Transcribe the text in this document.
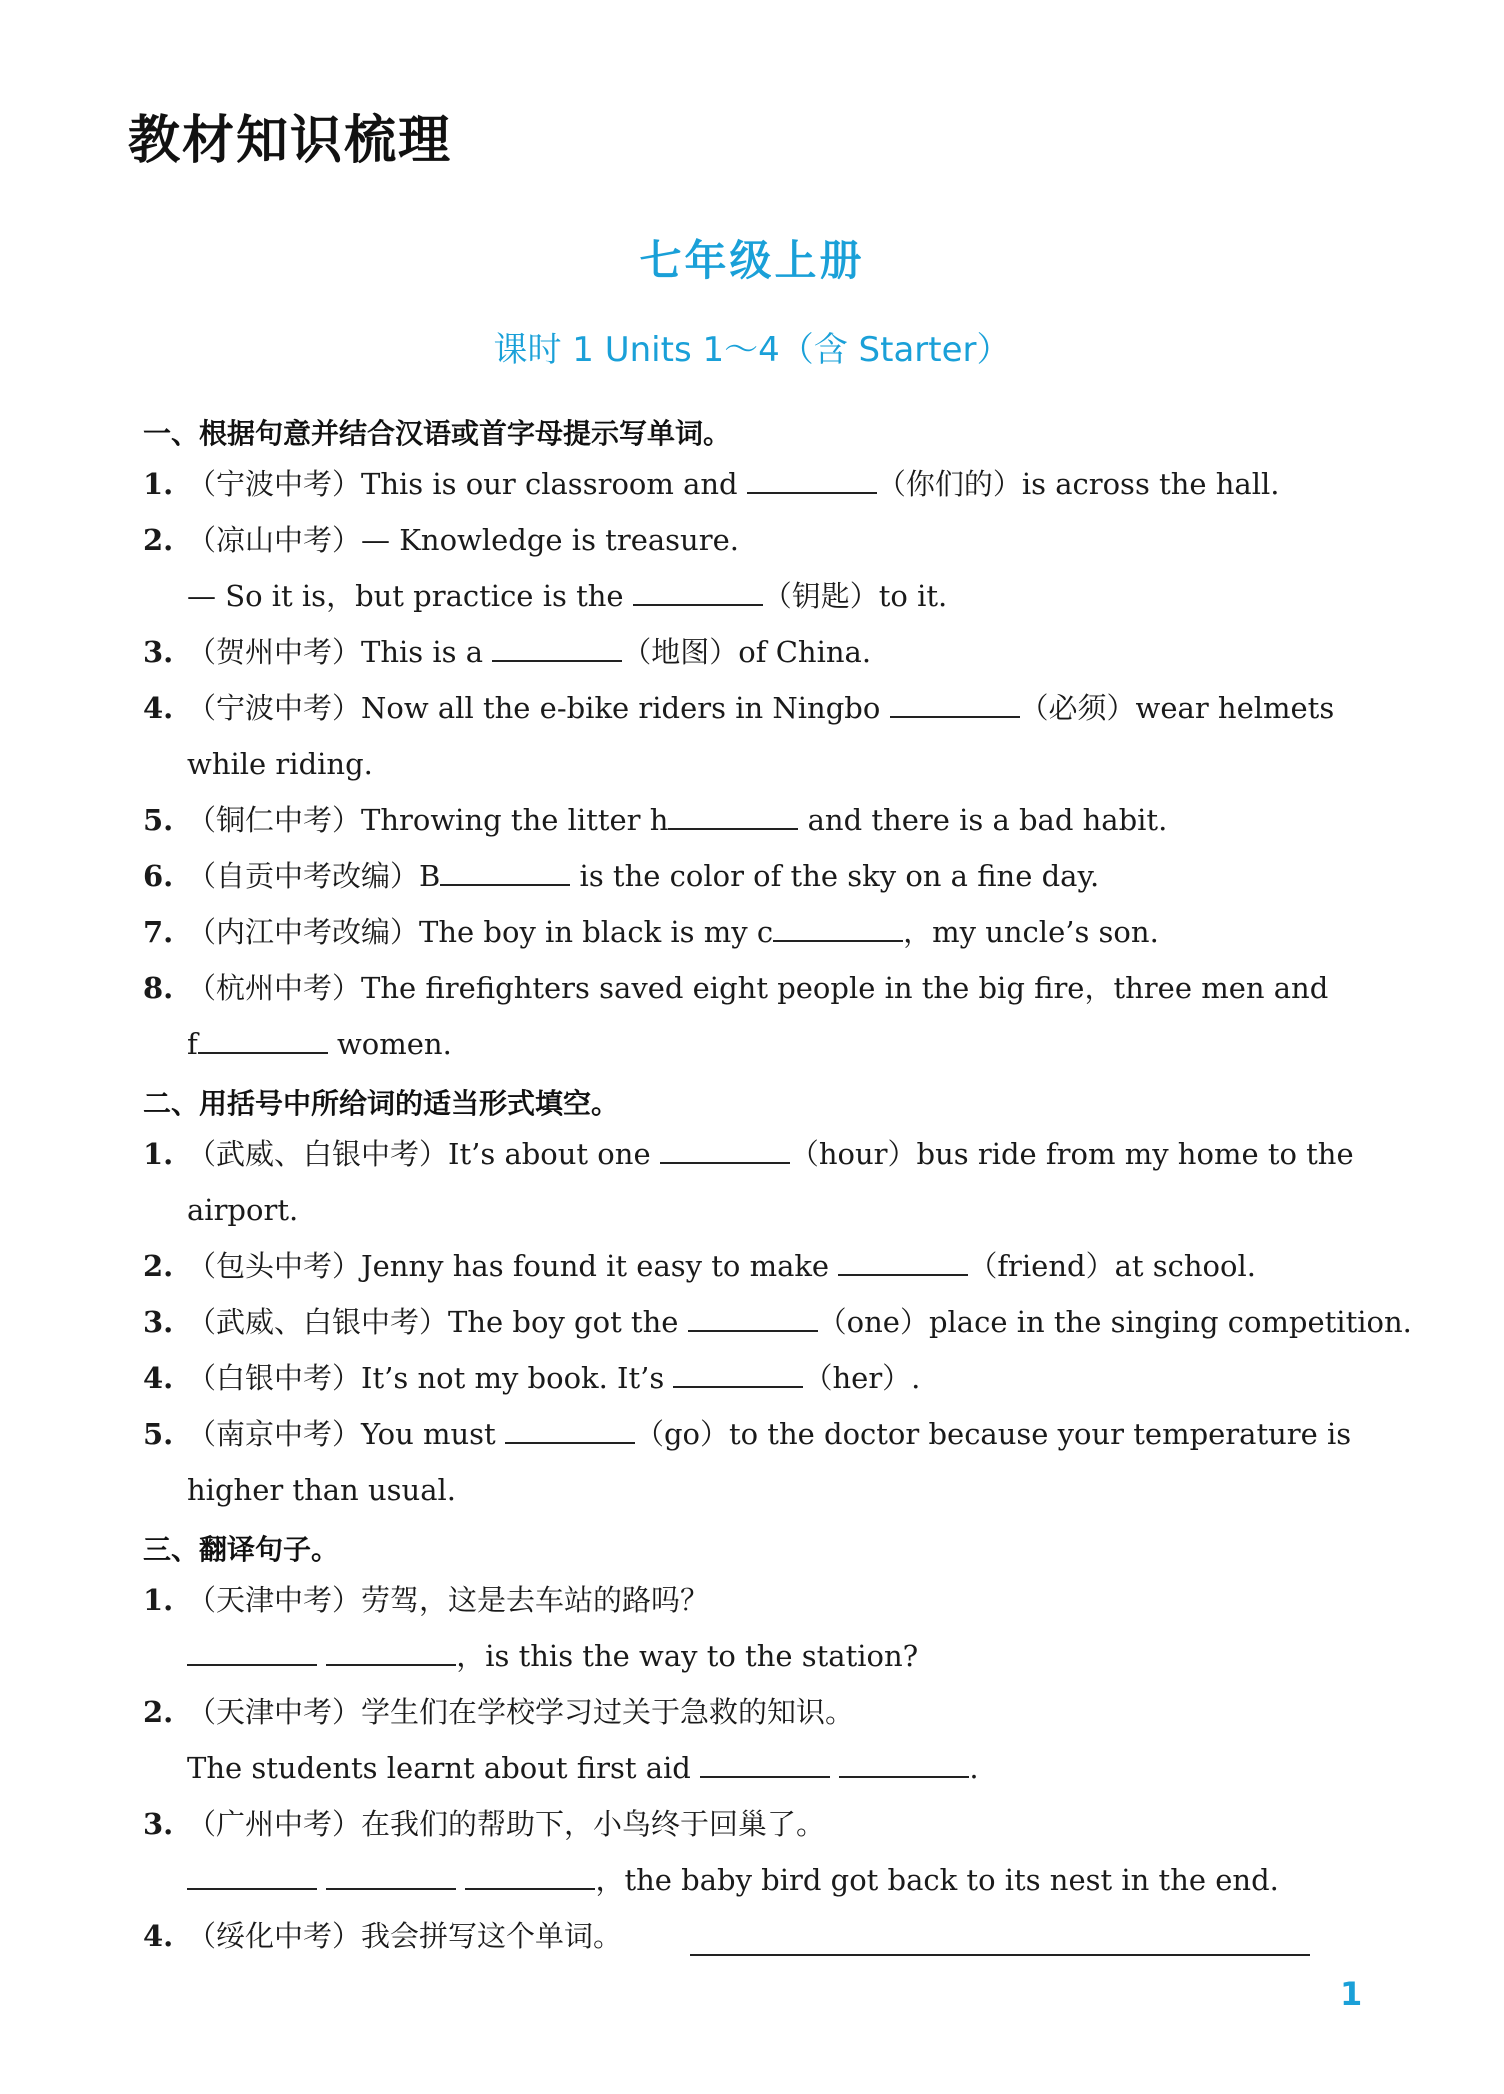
教材知识梳理
七年级上册
课时 1 Units 1～4（含 Starter）
一、根据句意并结合汉语或首字母提示写单词。
1. （宁波中考）This is our classroom and	（你们的）is across the hall.
2. （凉山中考）— Knowledge is treasure.
— So it is，but practice is the	（钥匙）to it.
3. （贺州中考）This is a	（地图）of China.
4. （宁波中考）Now all the e-bike riders in Ningbo	（必须）wear helmets
while riding.
5. （铜仁中考）Throwing the litter h	and there is a bad habit.
6. （自贡中考改编）B	is the color of the sky on a fine day.
7. （内江中考改编）The boy in black is my c	，my uncle’s son.
8. （杭州中考）The firefighters saved eight people in the big fire，three men and
f	women.
二、用括号中所给词的适当形式填空。
1. （武威、白银中考）It’s about one	（hour）bus ride from my home to the
airport.
2. （包头中考）Jenny has found it easy to make	（friend）at school.
3. （武威、白银中考）The boy got the	（one）place in the singing competition.
4. （白银中考）It’s not my book. It’s	（her）.
5. （南京中考）You must	（go）to the doctor because your temperature is
higher than usual.
三、翻译句子。
1. （天津中考）劳驾，这是去车站的路吗？
，is this the way to the station?
2. （天津中考）学生们在学校学习过关于急救的知识。
The students learnt about first aid	.
3. （广州中考）在我们的帮助下，小鸟终于回巢了。
，the baby bird got back to its nest in the end.
4. （绥化中考）我会拼写这个单词。
1
